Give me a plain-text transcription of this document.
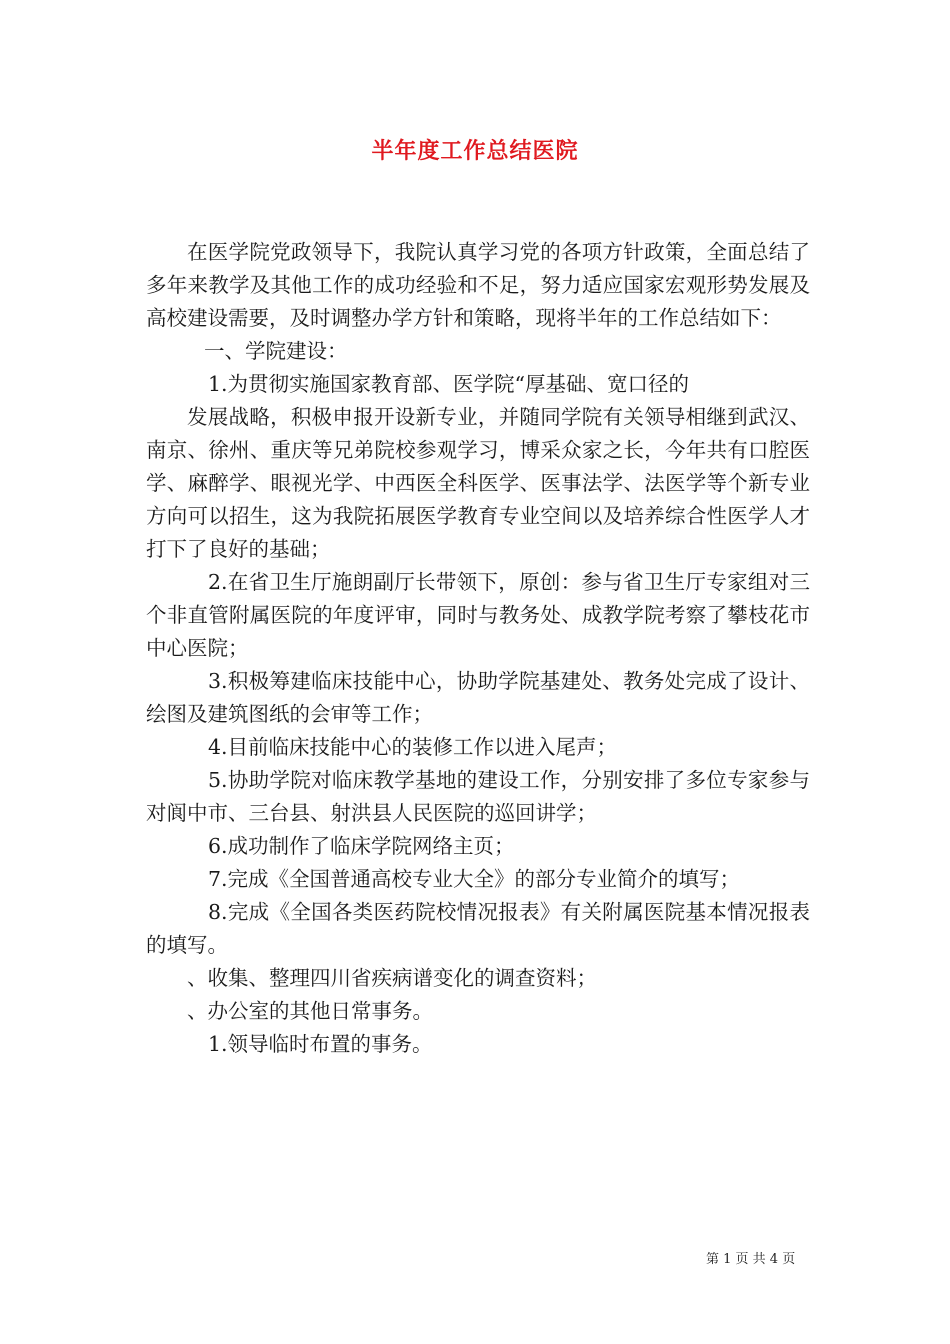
半年度工作总结医院

在医学院党政领导下，我院认真学习党的各项方针政策，全面总结了多年来教学及其他工作的成功经验和不足，努力适应国家宏观形势发展及高校建设需要，及时调整办学方针和策略，现将半年的工作总结如下：

一、学院建设：

1.为贯彻实施国家教育部、医学院“厚基础、宽口径的

发展战略，积极申报开设新专业，并随同学院有关领导相继到武汉、南京、徐州、重庆等兄弟院校参观学习，博采众家之长，今年共有口腔医学、麻醉学、眼视光学、中西医全科医学、医事法学、法医学等个新专业方向可以招生，这为我院拓展医学教育专业空间以及培养综合性医学人才打下了良好的基础；

2.在省卫生厅施朗副厅长带领下，原创：参与省卫生厅专家组对三个非直管附属医院的年度评审，同时与教务处、成教学院考察了攀枝花市中心医院；

3.积极筹建临床技能中心，协助学院基建处、教务处完成了设计、绘图及建筑图纸的会审等工作；

4.目前临床技能中心的装修工作以进入尾声；

5.协助学院对临床教学基地的建设工作，分别安排了多位专家参与对阆中市、三台县、射洪县人民医院的巡回讲学；

6.成功制作了临床学院网络主页；

7.完成《全国普通高校专业大全》的部分专业简介的填写；

8.完成《全国各类医药院校情况报表》有关附属医院基本情况报表的填写。

、收集、整理四川省疾病谱变化的调查资料；

、办公室的其他日常事务。

1.领导临时布置的事务。

第 1 页 共 4 页
